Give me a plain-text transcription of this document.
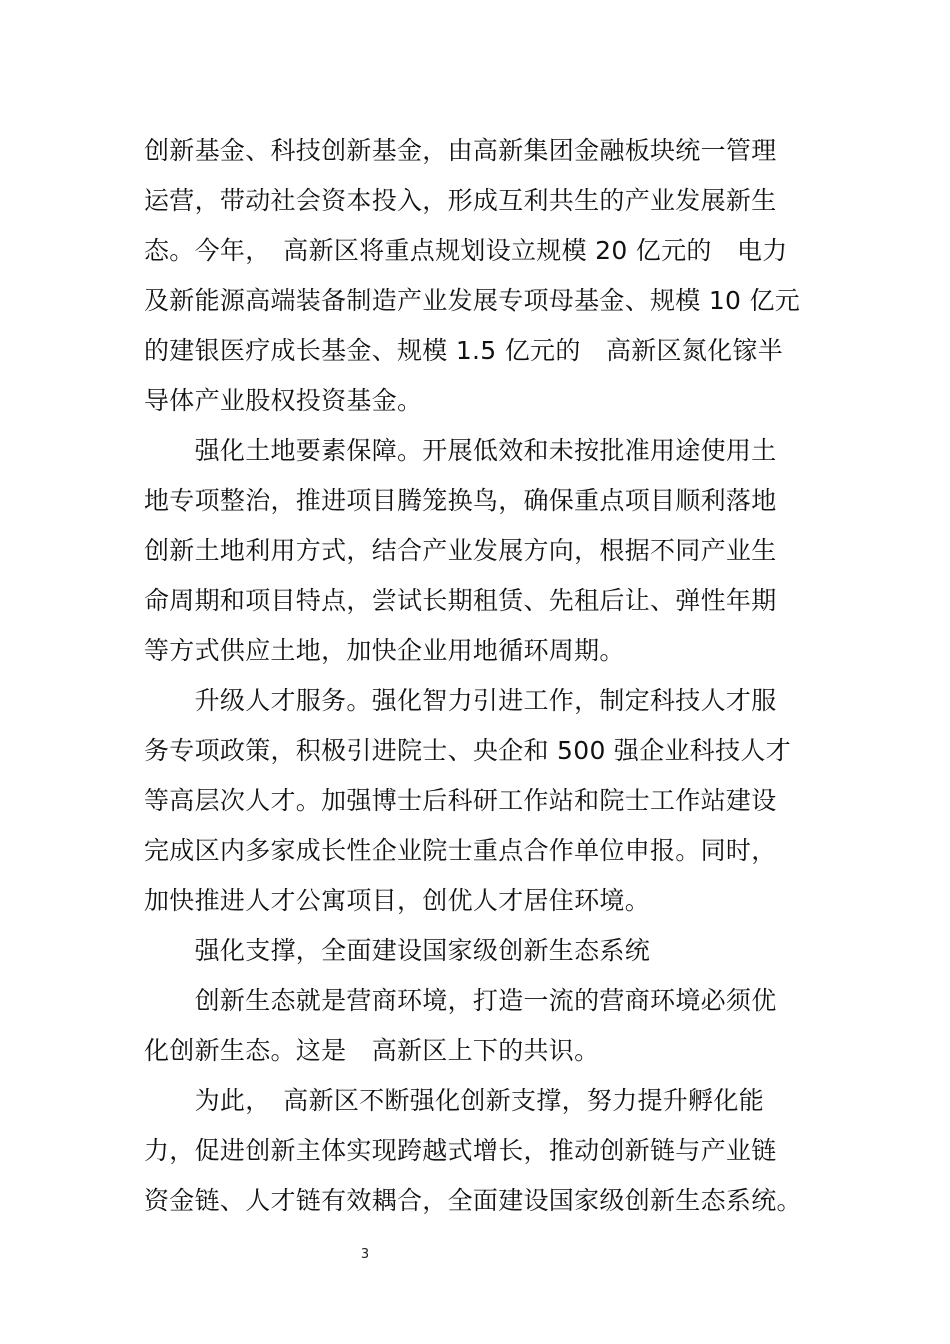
创新基金、科技创新基金，由高新集团金融板块统一管理
运营，带动社会资本投入，形成互利共生的产业发展新生
态。今年，　高新区将重点规划设立规模 20 亿元的　电力
及新能源高端装备制造产业发展专项母基金、规模 10 亿元
的建银医疗成长基金、规模 1.5 亿元的　高新区氮化镓半
导体产业股权投资基金。
　　强化土地要素保障。开展低效和未按批准用途使用土
地专项整治，推进项目腾笼换鸟，确保重点项目顺利落地
创新土地利用方式，结合产业发展方向，根据不同产业生
命周期和项目特点，尝试长期租赁、先租后让、弹性年期
等方式供应土地，加快企业用地循环周期。
　　升级人才服务。强化智力引进工作，制定科技人才服
务专项政策，积极引进院士、央企和 500 强企业科技人才
等高层次人才。加强博士后科研工作站和院士工作站建设
完成区内多家成长性企业院士重点合作单位申报。同时，
加快推进人才公寓项目，创优人才居住环境。
　　强化支撑，全面建设国家级创新生态系统
　　创新生态就是营商环境，打造一流的营商环境必须优
化创新生态。这是　高新区上下的共识。
　　为此，　高新区不断强化创新支撑，努力提升孵化能
力，促进创新主体实现跨越式增长，推动创新链与产业链
资金链、人才链有效耦合，全面建设国家级创新生态系统。
3
